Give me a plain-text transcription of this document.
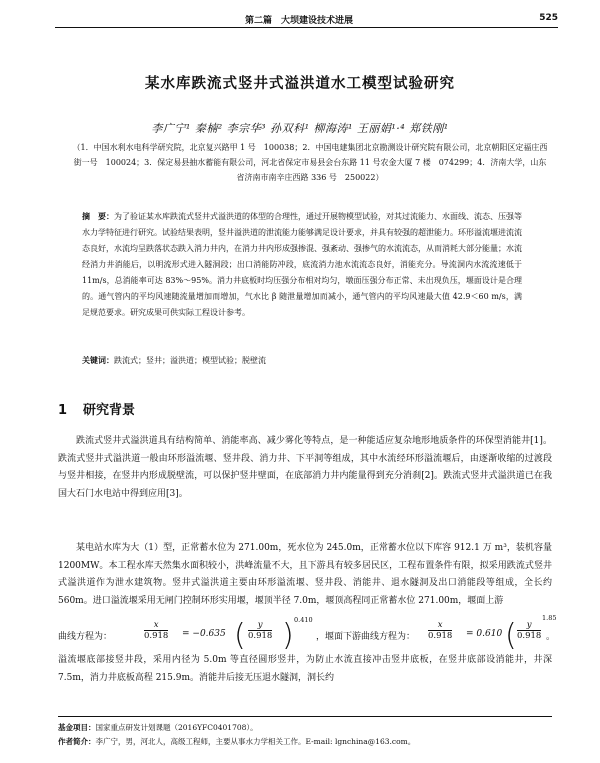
第二篇　大坝建设技术进展	525
某水库跌流式竖井式溢洪道水工模型试验研究
李广宁¹ 秦楠² 李宗华³ 孙双科¹ 柳海涛¹ 王丽娟¹·⁴ 郑铁刚¹
（1．中国水利水电科学研究院，北京复兴路甲 1 号　100038；2．中国电建集团北京勘测设计研究院有限公司，北京朝阳区定福庄西街一号　100024；3．保定易县抽水蓄能有限公司，河北省保定市易县会台东路 11 号农金大厦 7 楼　074299；4．济南大学，山东省济南市南辛庄西路 336 号　250022）
摘　要：为了验证某水库跌流式竖井式溢洪道的体型的合理性，通过开展物模型试验，对其过流能力、水面线、流态、压强等水力学特征进行研究。试验结果表明，竖井溢洪道的泄流能力能够满足设计要求，并具有较强的超泄能力。环形溢流堰进流流态良好，水流均呈跌落状态跌入消力井内，在消力井内形成强掺混、强紊动、强掺气的水流流态，从而消耗大部分能量；水流经消力井消能后，以明流形式进入隧洞段；出口消能防冲段，底流消力池水流流态良好，消能充分。导流洞内水流流速低于 11m/s，总消能率可达 83%～95%。消力井底板时均压强分布相对均匀，墩面压强分布正常、未出现负压，堰面设计是合理的。通气管内的平均风速随流量增加而增加，气水比 β 随泄量增加而减小，通气管内的平均风速最大值 42.9＜60 m/s，满足规范要求。研究成果可供实际工程设计参考。
关键词：跌流式；竖井；溢洪道；模型试验；脱壁流
1 研究背景
跌流式竖井式溢洪道具有结构简单、消能率高、减少雾化等特点，是一种能适应复杂地形地质条件的环保型消能井[1]。跌流式竖井式溢洪道一般由环形溢流堰、竖井段、消力井、下平洞等组成，其中水流经环形溢流堰后，由逐渐收缩的过渡段与竖井相接，在竖井内形成脱壁流，可以保护竖井壁面，在底部消力井内能量得到充分消刹[2]。跌流式竖井式溢洪道已在我国大石门水电站中得到应用[3]。
某电站水库为大（1）型，正常蓄水位为 271.00m，死水位为 245.0m，正常蓄水位以下库容 912.1 万 m³，装机容量 1200MW。本工程水库天然集水面积较小，洪峰流量不大，且下游具有较多居民区，工程布置条件有限，拟采用跌流式竖井式溢洪道作为泄水建筑物。竖井式溢洪道主要由环形溢流堰、竖井段、消能井、退水隧洞及出口消能段等组成，全长约 560m。进口溢流堰采用无闸门控制环形实用堰，堰顶半径 7.0m，堰顶高程同正常蓄水位 271.00m，堰面上游
曲线方程为：	$\frac{x}{0.918} = -0.635$ ( $\frac{y}{0.918}$ ) 0.410
，堰面下游曲线方程为： $\frac{x}{0.918} = 0.610$ ( $\frac{y}{0.918}$
1.85
。
溢流堰底部接竖井段，采用内径为 5.0m 等直径圆形竖井，为防止水流直接冲击竖井底板，在竖井底部设消能井，井深 7.5m，消力井底板高程 215.9m。消能井后接无压退水隧洞，洞长约
基金项目：国家重点研发计划课题（2016YFC0401708）。
作者简介：李广宁，男，河北人，高级工程师，主要从事水力学相关工作。E-mail: lgnchina@163.com。
